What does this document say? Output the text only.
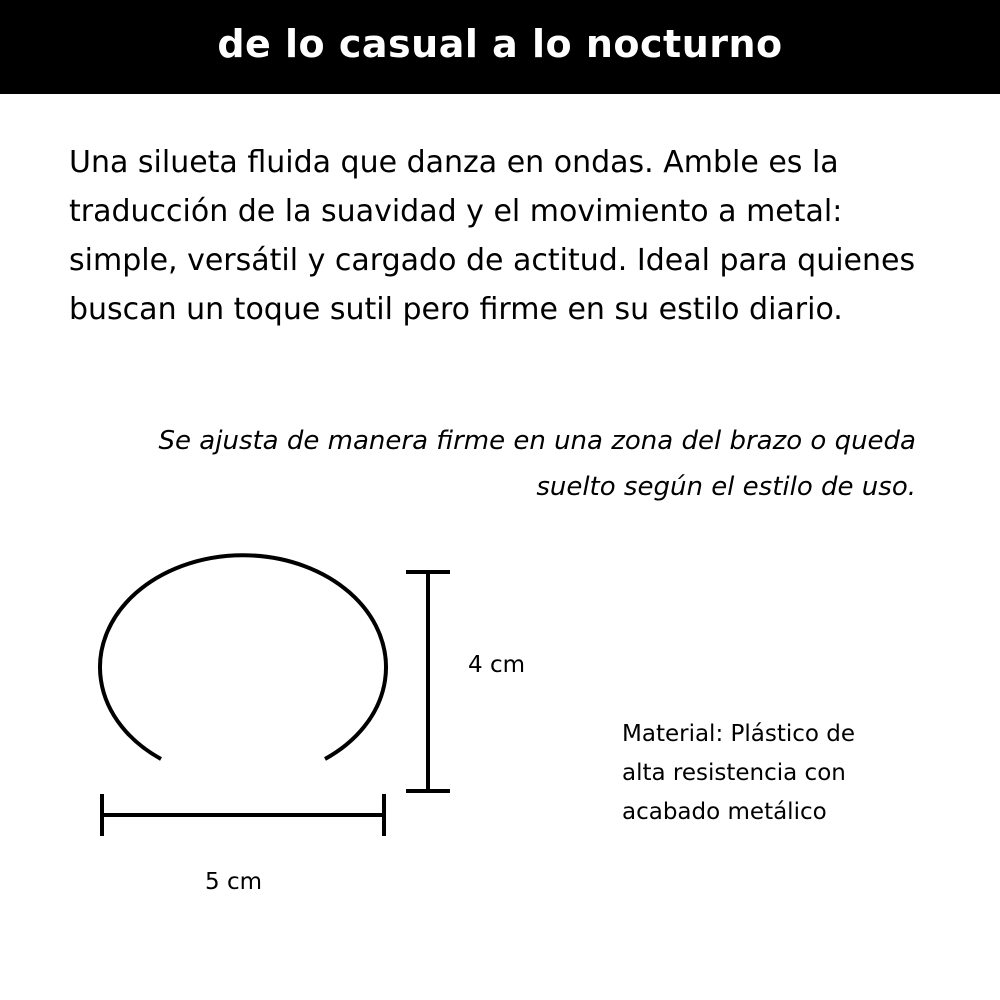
de lo casual a lo nocturno

Una silueta fluida que danza en ondas. Amble es la traducción de la suavidad y el movimiento a metal: simple, versátil y cargado de actitud. Ideal para quienes buscan un toque sutil pero firme en su estilo diario.

Se ajusta de manera firme en una zona del brazo o queda
suelto según el estilo de uso.

4 cm
5 cm

Material: Plástico de
alta resistencia con
acabado metálico
